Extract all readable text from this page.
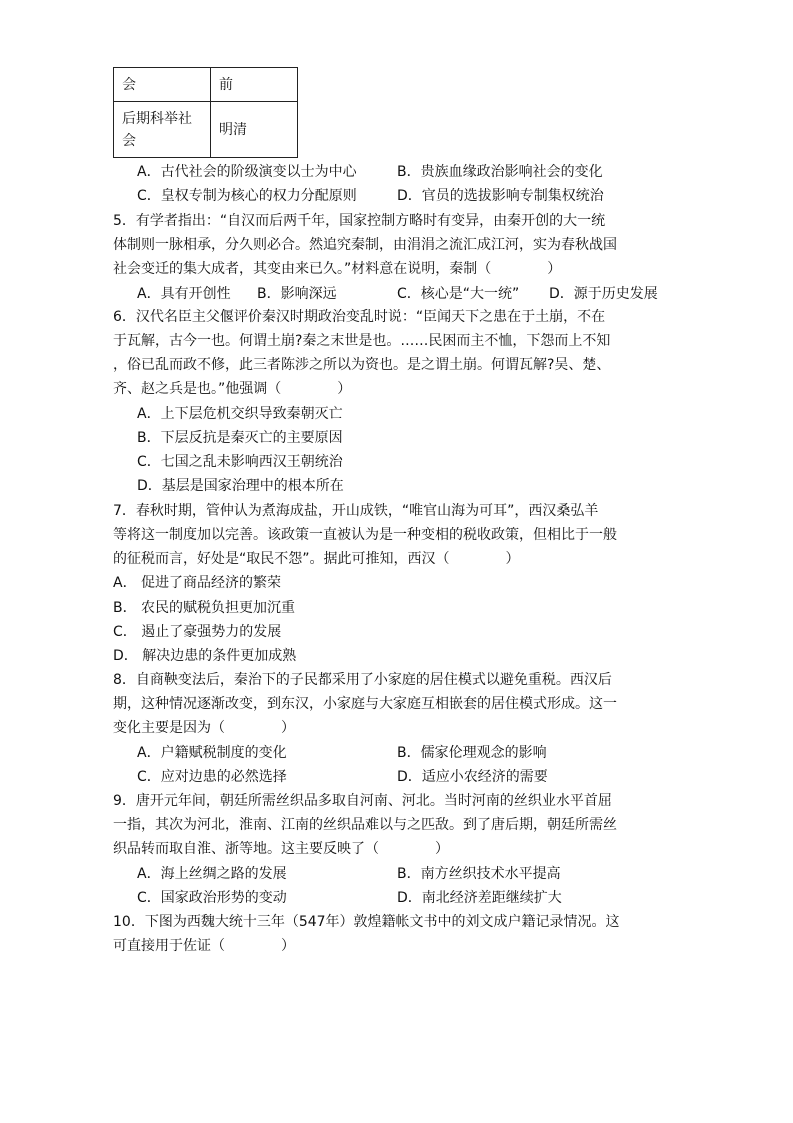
会	前
后期科举社会	明清
A．古代社会的阶级演变以士为中心	B．贵族血缘政治影响社会的变化
C．皇权专制为核心的权力分配原则	D．官员的选拔影响专制集权统治
5．有学者指出：“自汉而后两千年，国家控制方略时有变异，由秦开创的大一统
体制则一脉相承，分久则必合。然追究秦制，由涓涓之流汇成江河，实为春秋战国
社会变迁的集大成者，其变由来已久。”材料意在说明，秦制（　　　　）
A．具有开创性 B．影响深远	C．核心是“大一统” D．源于历史发展
6．汉代名臣主父偃评价秦汉时期政治变乱时说：“臣闻天下之患在于土崩，不在
于瓦解，古今一也。何谓土崩?秦之末世是也。……民困而主不恤，下怨而上不知
，俗已乱而政不修，此三者陈涉之所以为资也。是之谓土崩。何谓瓦解?吴、楚、
齐、赵之兵是也。”他强调（　　　　）
A．上下层危机交织导致秦朝灭亡
B．下层反抗是秦灭亡的主要原因
C．七国之乱未影响西汉王朝统治
D．基层是国家治理中的根本所在
7．春秋时期，管仲认为煮海成盐，开山成铁，“唯官山海为可耳”，西汉桑弘羊
等将这一制度加以完善。该政策一直被认为是一种变相的税收政策，但相比于一般
的征税而言，好处是“取民不怨”。据此可推知，西汉（　　　　）
A． 促进了商品经济的繁荣
B． 农民的赋税负担更加沉重
C． 遏止了豪强势力的发展
D． 解决边患的条件更加成熟
8．自商鞅变法后，秦治下的子民都采用了小家庭的居住模式以避免重税。西汉后
期，这种情况逐渐改变，到东汉，小家庭与大家庭互相嵌套的居住模式形成。这一
变化主要是因为（　　　　）
A．户籍赋税制度的变化	B．儒家伦理观念的影响
C．应对边患的必然选择	D．适应小农经济的需要
9．唐开元年间，朝廷所需丝织品多取自河南、河北。当时河南的丝织业水平首屈
一指，其次为河北，淮南、江南的丝织品难以与之匹敌。到了唐后期，朝廷所需丝
织品转而取自淮、浙等地。这主要反映了（　　　　）
A．海上丝绸之路的发展	B．南方丝织技术水平提高
C．国家政治形势的变动	D．南北经济差距继续扩大
10．下图为西魏大统十三年（547年）敦煌籍帐文书中的刘文成户籍记录情况。这
可直接用于佐证（　　　　）
